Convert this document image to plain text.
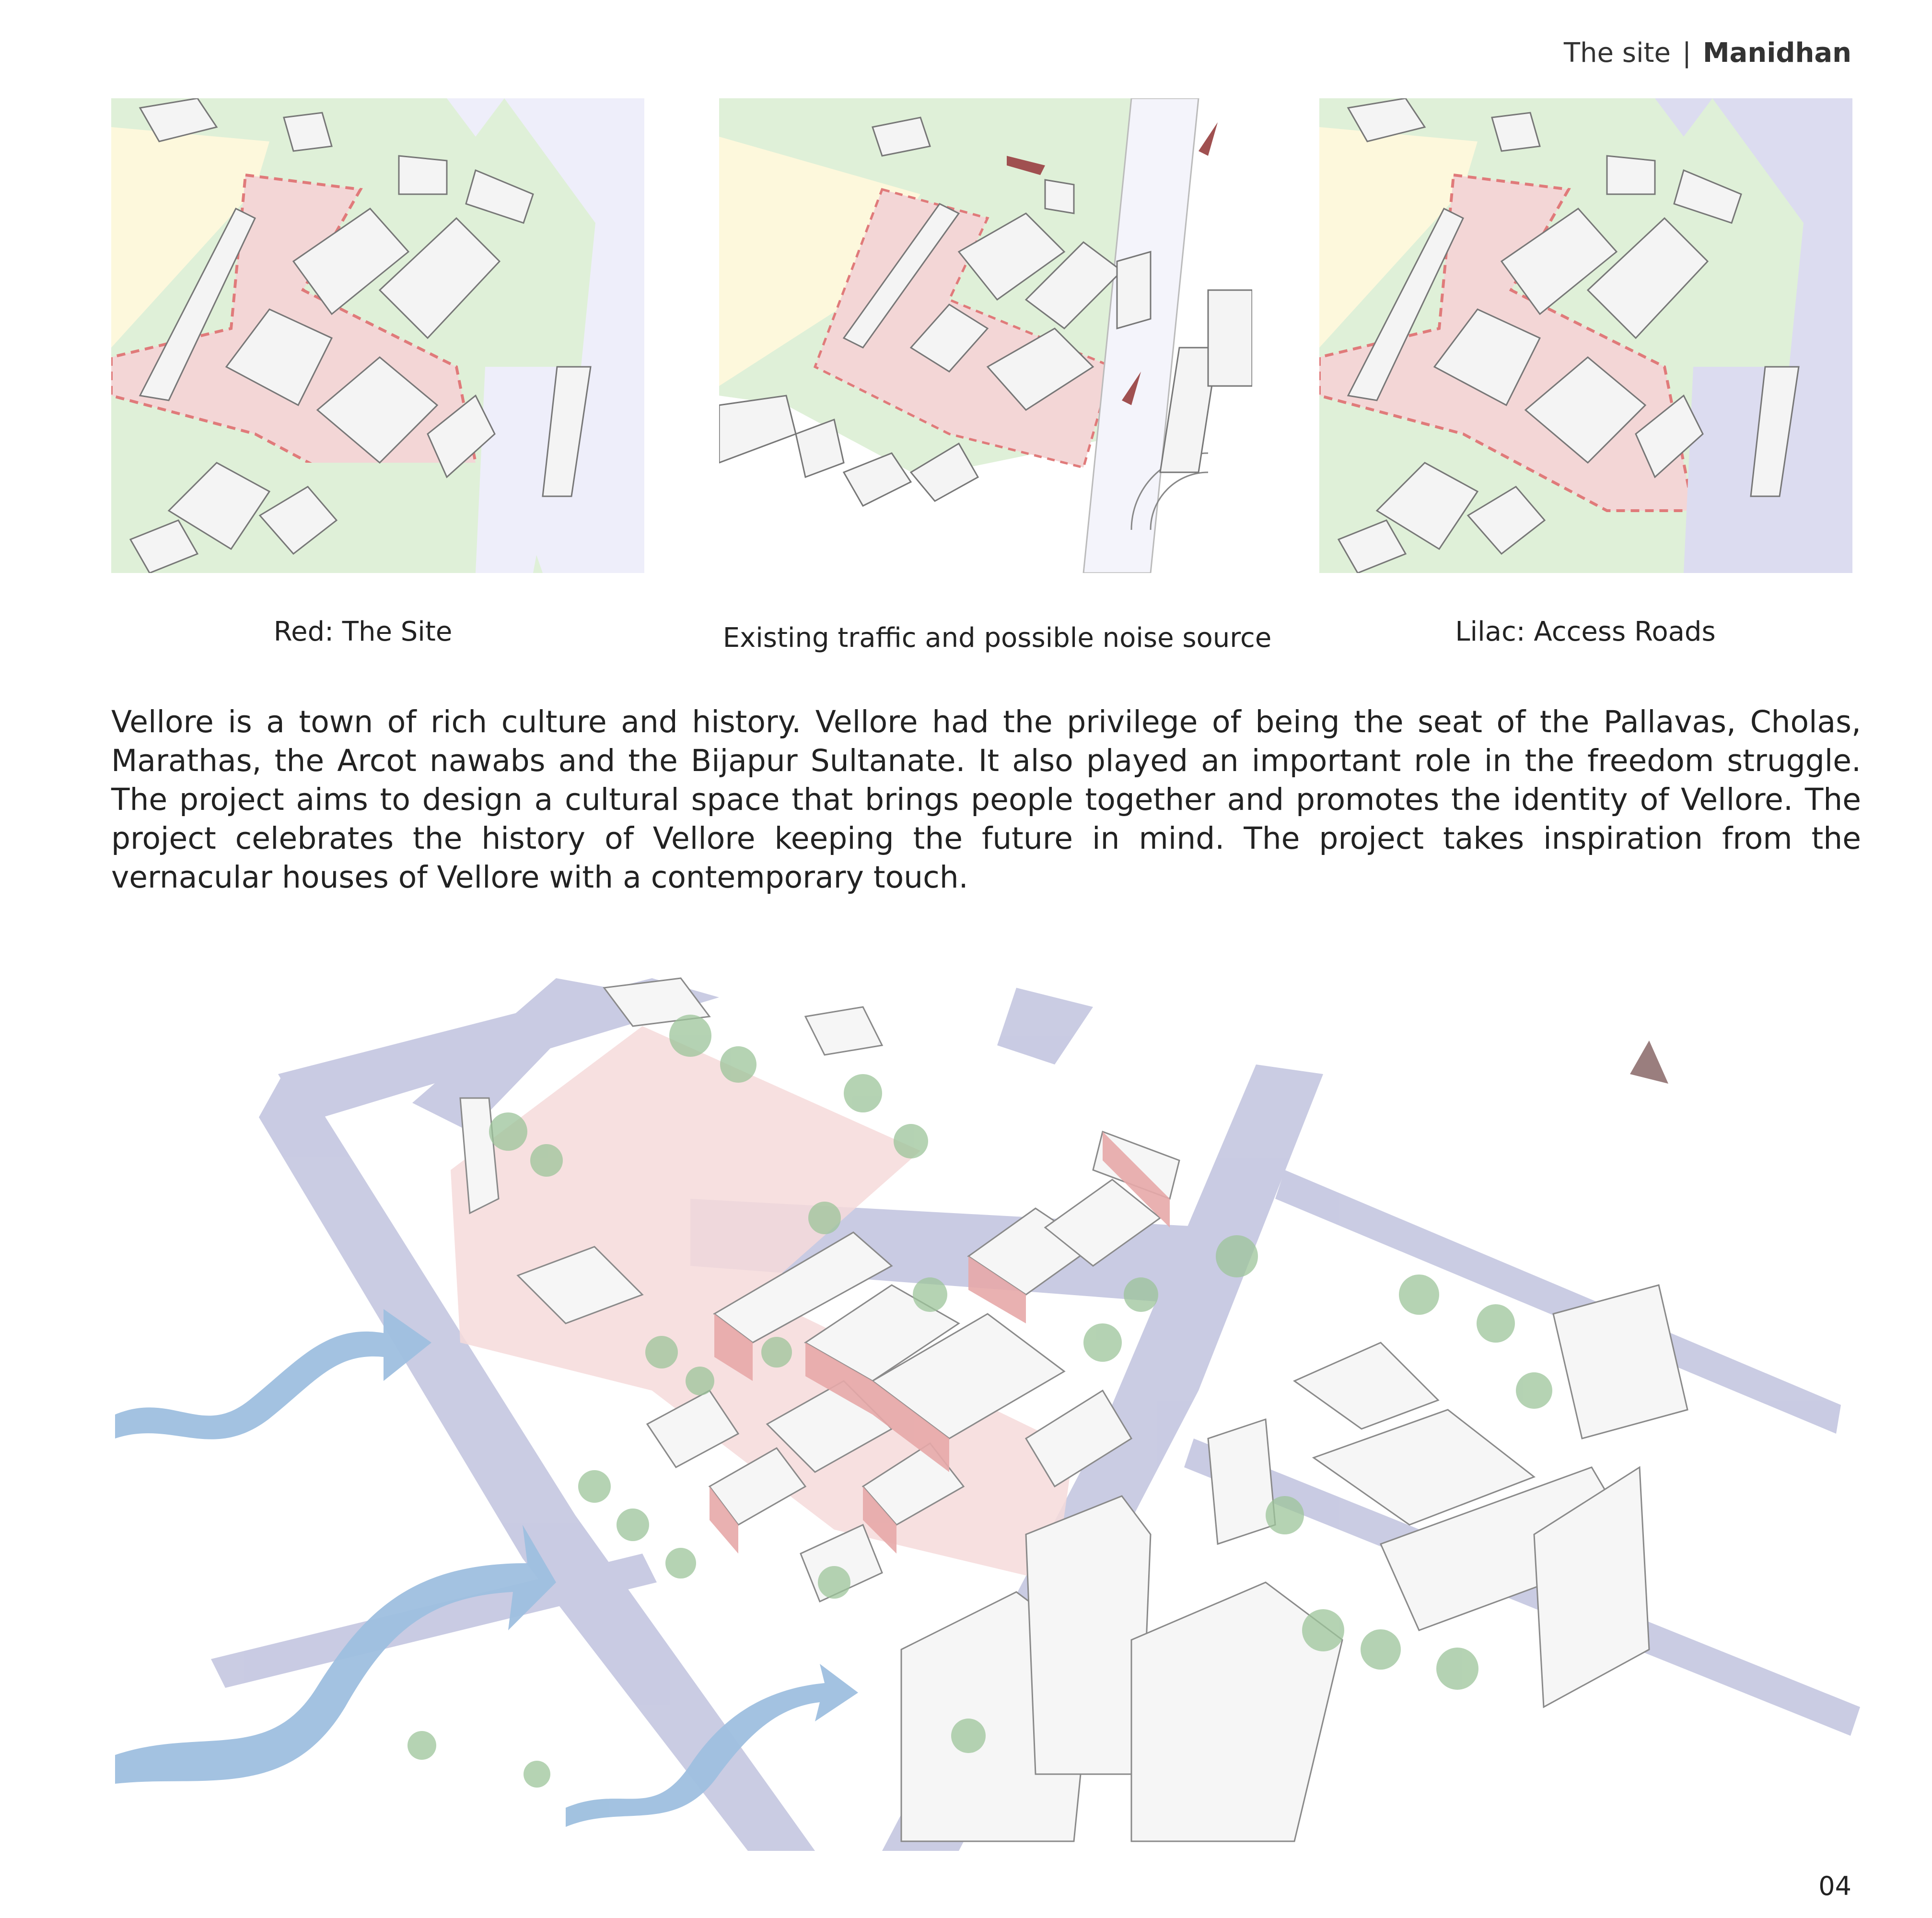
The site | Manidhan
Red: The Site	Existing traffic and possible noise source	Lilac: Access Roads

Vellore is a town of rich culture and history. Vellore had the privilege of being the seat of the Pallavas, Cholas, Marathas, the Arcot nawabs and the Bijapur Sultanate. It also played an important role in the freedom struggle. The project aims to design a cultural space that brings people together and promotes the identity of Vellore. The project celebrates the history of Vellore keeping the future in mind. The project takes inspiration from the vernacular houses of Vellore with a contemporary touch.

04
